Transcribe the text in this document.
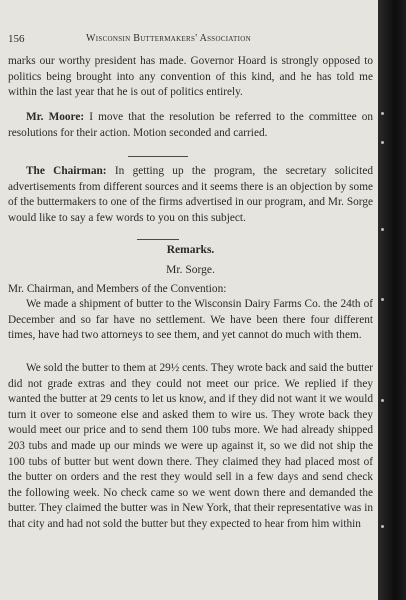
156	Wisconsin Buttermakers' Association

marks our worthy president has made. Governor Hoard is strongly opposed to politics being brought into any convention of this kind, and he has told me within the last year that he is out of politics entirely.

Mr. Moore: I move that the resolution be referred to the committee on resolutions for their action. Motion seconded and carried.

The Chairman: In getting up the program, the secretary solicited advertisements from different sources and it seems there is an objection by some of the buttermakers to one of the firms advertised in our program, and Mr. Sorge would like to say a few words to you on this subject.

Remarks.
Mr. Sorge.

Mr. Chairman, and Members of the Convention:

We made a shipment of butter to the Wisconsin Dairy Farms Co. the 24th of December and so far have no settlement. We have been there four different times, have had two attorneys to see them, and yet cannot do much with them.

We sold the butter to them at 29½ cents. They wrote back and said the butter did not grade extras and they could not meet our price. We replied if they wanted the butter at 29 cents to let us know, and if they did not want it we would turn it over to someone else and asked them to wire us. They wrote back they would meet our price and to send them 100 tubs more. We had already shipped 203 tubs and made up our minds we were up against it, so we did not ship the 100 tubs of butter but went down there. They claimed they had placed most of the butter on orders and the rest they would sell in a few days and send check the following week. No check came so we went down there and demanded the butter. They claimed the butter was in New York, that their representative was in that city and had not sold the butter but they expected to hear from him within
